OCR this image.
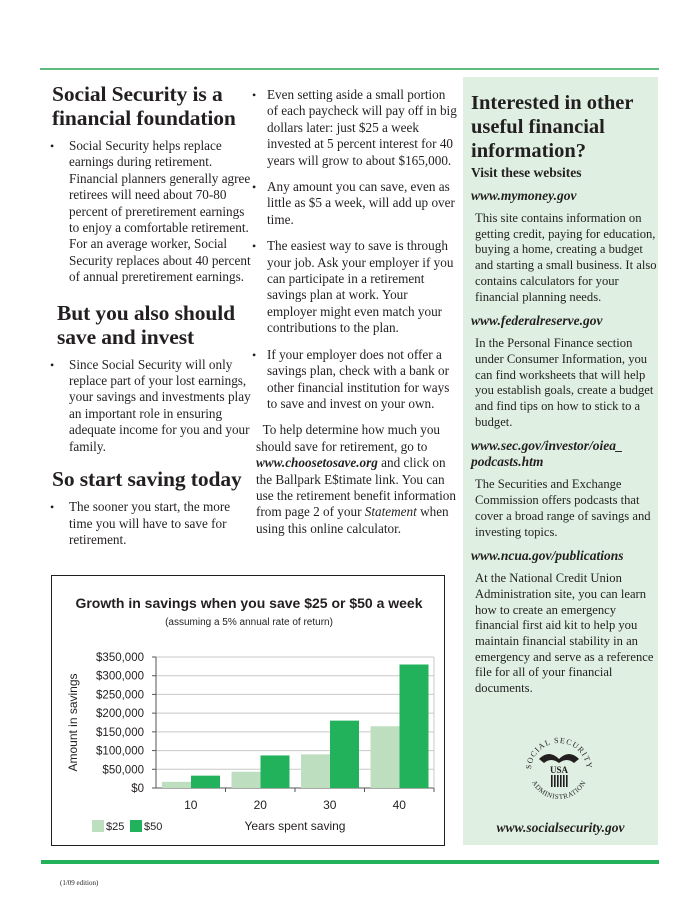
Social Security is a
financial foundation
• Social Security helps replace earnings during retirement. Financial planners generally agree retirees will need about 70-80 percent of preretirement earnings to enjoy a comfortable retirement. For an average worker, Social Security replaces about 40 percent of annual preretirement earnings.
But you also should
save and invest
• Since Social Security will only replace part of your lost earnings, your savings and investments play an important role in ensuring adequate income for you and your family.
So start saving today
• The sooner you start, the more time you will have to save for retirement.
• Even setting aside a small portion of each paycheck will pay off in big dollars later: just $25 a week invested at 5 percent interest for 40 years will grow to about $165,000.
• Any amount you can save, even as little as $5 a week, will add up over time.
• The easiest way to save is through your job. Ask your employer if you can participate in a retirement savings plan at work. Your employer might even match your contributions to the plan.
• If your employer does not offer a savings plan, check with a bank or other financial institution for ways to save and invest on your own.
To help determine how much you should save for retirement, go to www.choosetosave.org and click on the Ballpark E$timate link. You can use the retirement benefit information from page 2 of your Statement when using this online calculator.
Interested in other useful financial information?
Visit these websites
www.mymoney.gov
This site contains information on getting credit, paying for education, buying a home, creating a budget and starting a small business. It also contains calculators for your financial planning needs.
www.federalreserve.gov
In the Personal Finance section under Consumer Information, you can find worksheets that will help you establish goals, create a budget and find tips on how to stick to a budget.
www.sec.gov/investor/oiea_ podcasts.htm
The Securities and Exchange Commission offers podcasts that cover a broad range of savings and investing topics.
www.ncua.gov/publications
At the National Credit Union Administration site, you can learn how to create an emergency financial first aid kit to help you maintain financial stability in an emergency and serve as a reference file for all of your financial documents.
SOCIAL SECURITY
ADMINISTRATION
USA
www.socialsecurity.gov
Growth in savings when you save $25 or $50 a week
(assuming a 5% annual rate of return)
$0
$50,000
$100,000
$150,000
$200,000
$250,000
$300,000
$350,000
10	20	30	40
Amount in savings
Years spent saving
$25 $50
(1/09 edition)
